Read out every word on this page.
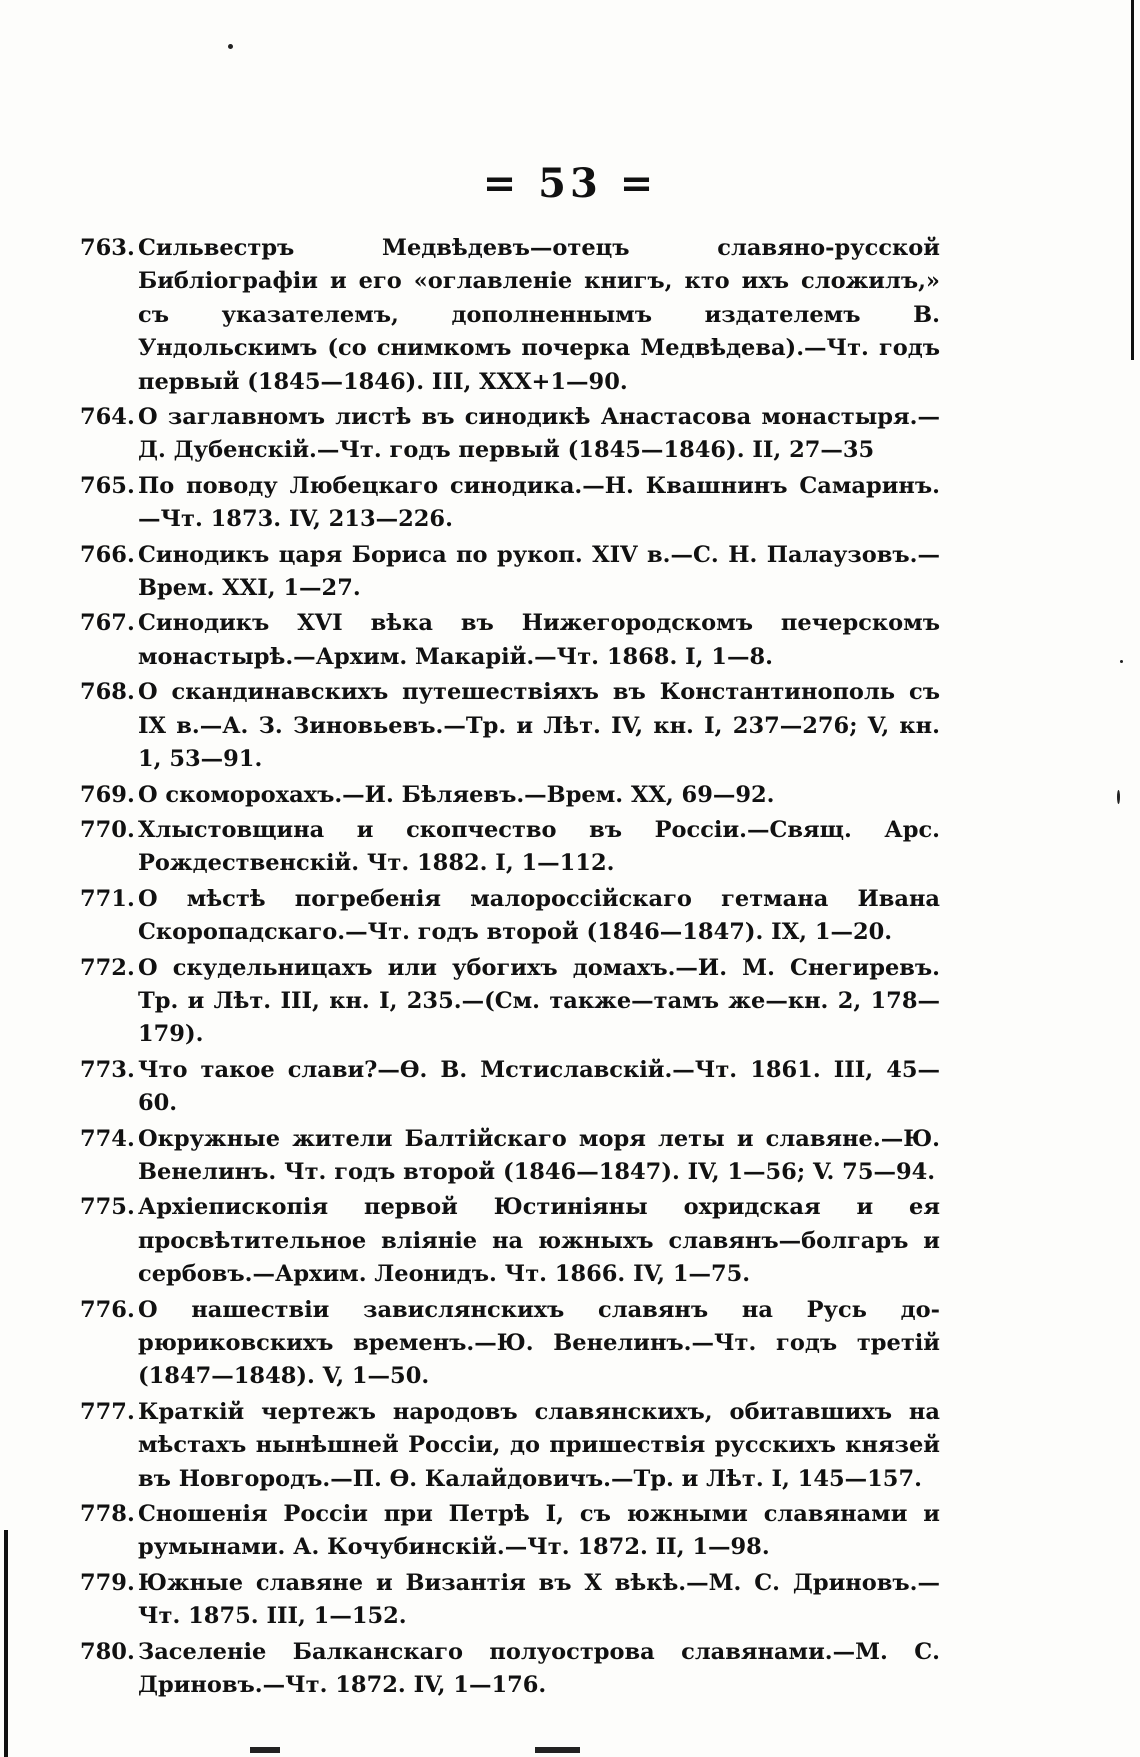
= 53 =
763. Сильвестръ Медвѣдевъ—отецъ славяно-русской Библіографіи и его «оглавленіе книгъ, кто ихъ сложилъ,» съ указателемъ, дополненнымъ издателемъ В. Ундольскимъ (со снимкомъ почерка Медвѣдева).—Чт. годъ первый (1845—1846). III, XXX+1—90.
764. О заглавномъ листѣ въ синодикѣ Анастасова монастыря.—Д. Дубенскій.—Чт. годъ первый (1845—1846). II, 27—35
765. По поводу Любецкаго синодика.—Н. Квашнинъ Самаринъ.—Чт. 1873. IV, 213—226.
766. Синодикъ царя Бориса по рукоп. XIV в.—С. Н. Палаузовъ.—Врем. XXI, 1—27.
767. Синодикъ XVI вѣка въ Нижегородскомъ печерскомъ монастырѣ.—Архим. Макарій.—Чт. 1868. I, 1—8.
768. О скандинавскихъ путешествіяхъ въ Константинополь съ IX в.—А. З. Зиновьевъ.—Тр. и Лѣт. IV, кн. I, 237—276; V, кн. 1, 53—91.
769. О скоморохахъ.—И. Бѣляевъ.—Врем. XX, 69—92.
770. Хлыстовщина и скопчество въ Россіи.—Свящ. Арс. Рождественскій. Чт. 1882. I, 1—112.
771. О мѣстѣ погребенія малороссійскаго гетмана Ивана Скоропадскаго.—Чт. годъ второй (1846—1847). IX, 1—20.
772. О скудельницахъ или убогихъ домахъ.—И. М. Снегиревъ. Тр. и Лѣт. III, кн. I, 235.—(См. также—тамъ же—кн. 2, 178—179).
773. Что такое слави?—Ѳ. В. Мстиславскій.—Чт. 1861. III, 45—60.
774. Окружные жители Балтійскаго моря леты и славяне.—Ю. Венелинъ. Чт. годъ второй (1846—1847). IV, 1—56; V. 75—94.
775. Архіепископія первой Юстиніяны охридская и ея просвѣтительное вліяніе на южныхъ славянъ—болгаръ и сербовъ.—Архим. Леонидъ. Чт. 1866. IV, 1—75.
776. О нашествіи завислянскихъ славянъ на Русь до-рюриковскихъ временъ.—Ю. Венелинъ.—Чт. годъ третій (1847—1848). V, 1—50.
777. Краткій чертежъ народовъ славянскихъ, обитавшихъ на мѣстахъ нынѣшней Россіи, до пришествія русскихъ князей въ Новгородъ.—П. Ѳ. Калайдовичъ.—Тр. и Лѣт. I, 145—157.
778. Сношенія Россіи при Петрѣ I, съ южными славянами и румынами. А. Кочубинскій.—Чт. 1872. II, 1—98.
779. Южные славяне и Византія въ X вѣкѣ.—М. С. Дриновъ.—Чт. 1875. III, 1—152.
780. Заселеніе Балканскаго полуострова славянами.—М. С. Дриновъ.—Чт. 1872. IV, 1—176.
